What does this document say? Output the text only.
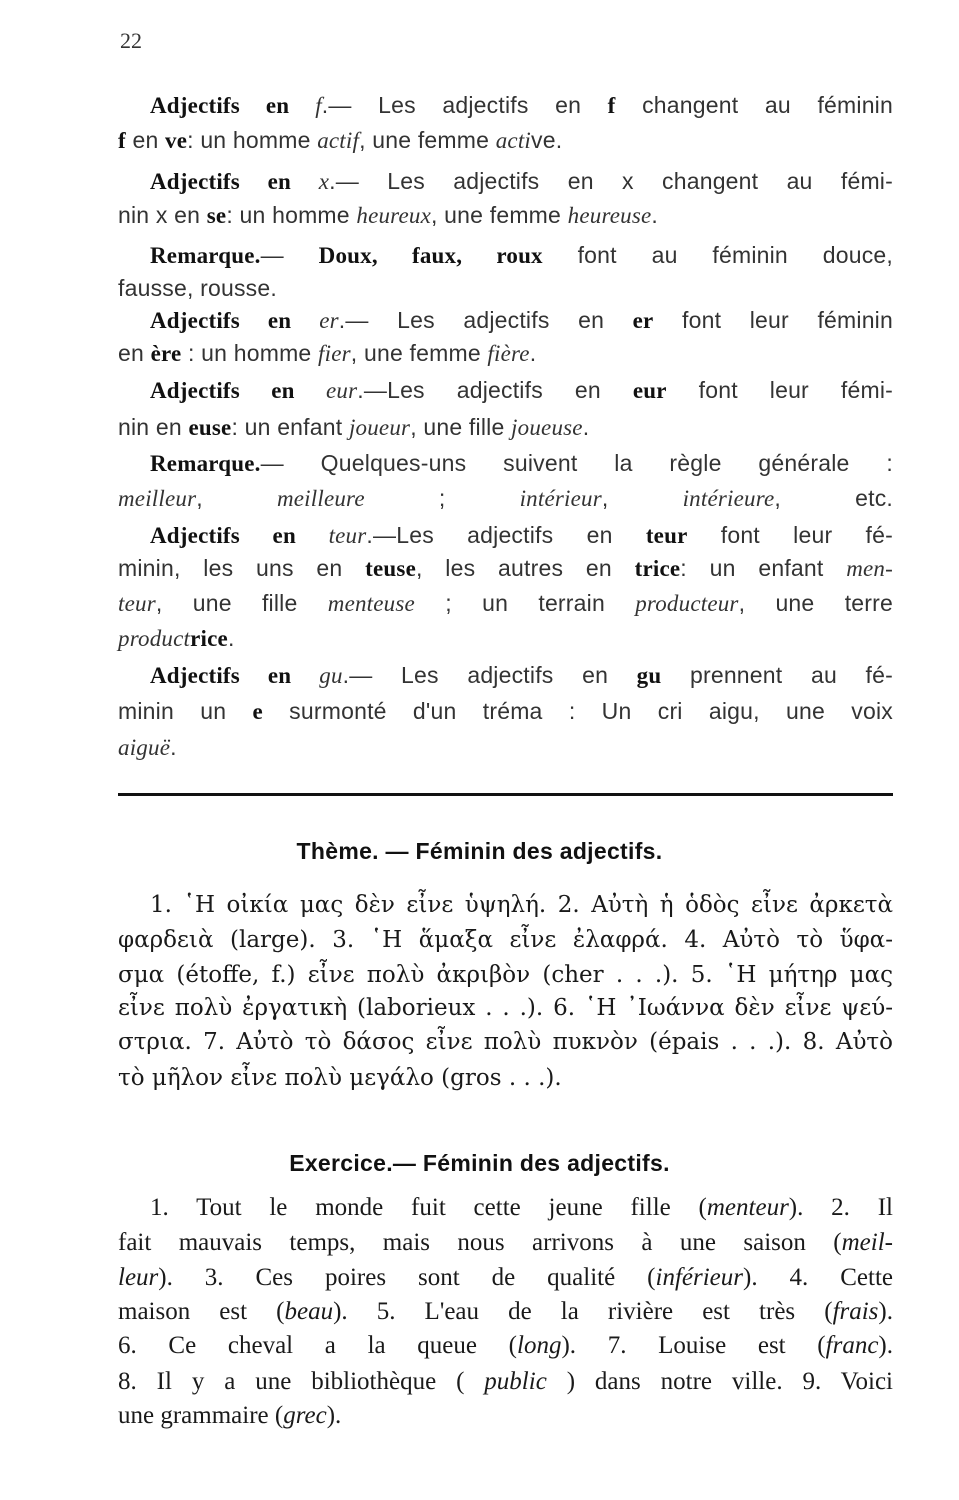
22
Adjectifs en f.— Les adjectifs en f changent au féminin
f en ve: un homme actif, une femme active.
Adjectifs en x.— Les adjectifs en x changent au fémi-
nin x en se: un homme heureux, une femme heureuse.
Remarque.— Doux, faux, roux font au féminin douce,
fausse, rousse.
Adjectifs en er.— Les adjectifs en er font leur féminin
en ère : un homme fier, une femme fière.
Adjectifs en eur.—Les adjectifs en eur font leur fémi-
nin en euse: un enfant joueur, une fille joueuse.
Remarque.— Quelques-uns suivent la règle générale :
meilleur, meilleure ; intérieur, intérieure, etc.
Adjectifs en teur.—Les adjectifs en teur font leur fé-
minin, les uns en teuse, les autres en trice: un enfant men-
teur, une fille menteuse ; un terrain producteur, une terre
productrice.
Adjectifs en gu.— Les adjectifs en gu prennent au fé-
minin un e surmonté d'un tréma : Un cri aigu, une voix
aiguë.
Thème. — Féminin des adjectifs.
1. ῾Η οἰκία μας δὲν εἶνε ὑψηλή. 2. Αὐτὴ ἡ ὁδὸς εἶνε ἀρκετὰ
φαρδειὰ (large). 3. ῾Η ἅμαξα εἶνε ἐλαφρά. 4. Αὐτὸ τὸ ὕφα-
σμα (étoffe, f.) εἶνε πολὺ ἀκριβὸν (cher . . .). 5. ῾Η μήτηρ μας
εἶνε πολὺ ἐργατικὴ (laborieux . . .). 6. ῾Η ᾿Ιωάννα δὲν εἶνε ψεύ-
στρια. 7. Αὐτὸ τὸ δάσος εἶνε πολὺ πυκνὸν (épais . . .). 8. Αὐτὸ
τὸ μῆλον εἶνε πολὺ μεγάλο (gros . . .).
Exercice.— Féminin des adjectifs.
1. Tout le monde fuit cette jeune fille (menteur). 2. Il
fait mauvais temps, mais nous arrivons à une saison (meil-
leur). 3. Ces poires sont de qualité (inférieur). 4. Cette
maison est (beau). 5. L'eau de la rivière est très (frais).
6. Ce cheval a la queue (long). 7. Louise est (franc).
8. Il y a une bibliothèque ( public ) dans notre ville. 9. Voici
une grammaire (grec).
